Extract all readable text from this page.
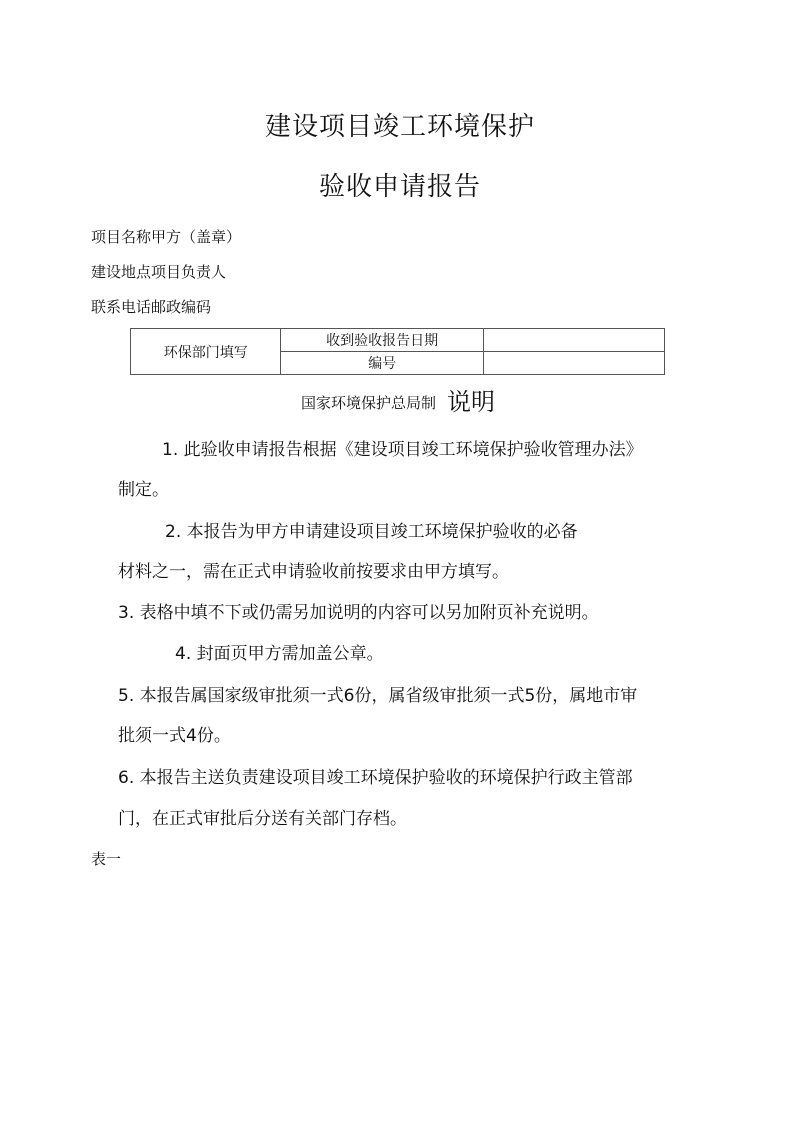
建设项目竣工环境保护
验收申请报告
项目名称甲方（盖章）
建设地点项目负责人
联系电话邮政编码
环保部门填写	收到验收报告日期	
	编号	
国家环境保护总局制 说明
1. 此验收申请报告根据《建设项目竣工环境保护验收管理办法》
制定。
2. 本报告为甲方申请建设项目竣工环境保护验收的必备
材料之一，需在正式申请验收前按要求由甲方填写。
3. 表格中填不下或仍需另加说明的内容可以另加附页补充说明。
4. 封面页甲方需加盖公章。
5. 本报告属国家级审批须一式6份，属省级审批须一式5份，属地市审
批须一式4份。
6. 本报告主送负责建设项目竣工环境保护验收的环境保护行政主管部
门，在正式审批后分送有关部门存档。
表一
